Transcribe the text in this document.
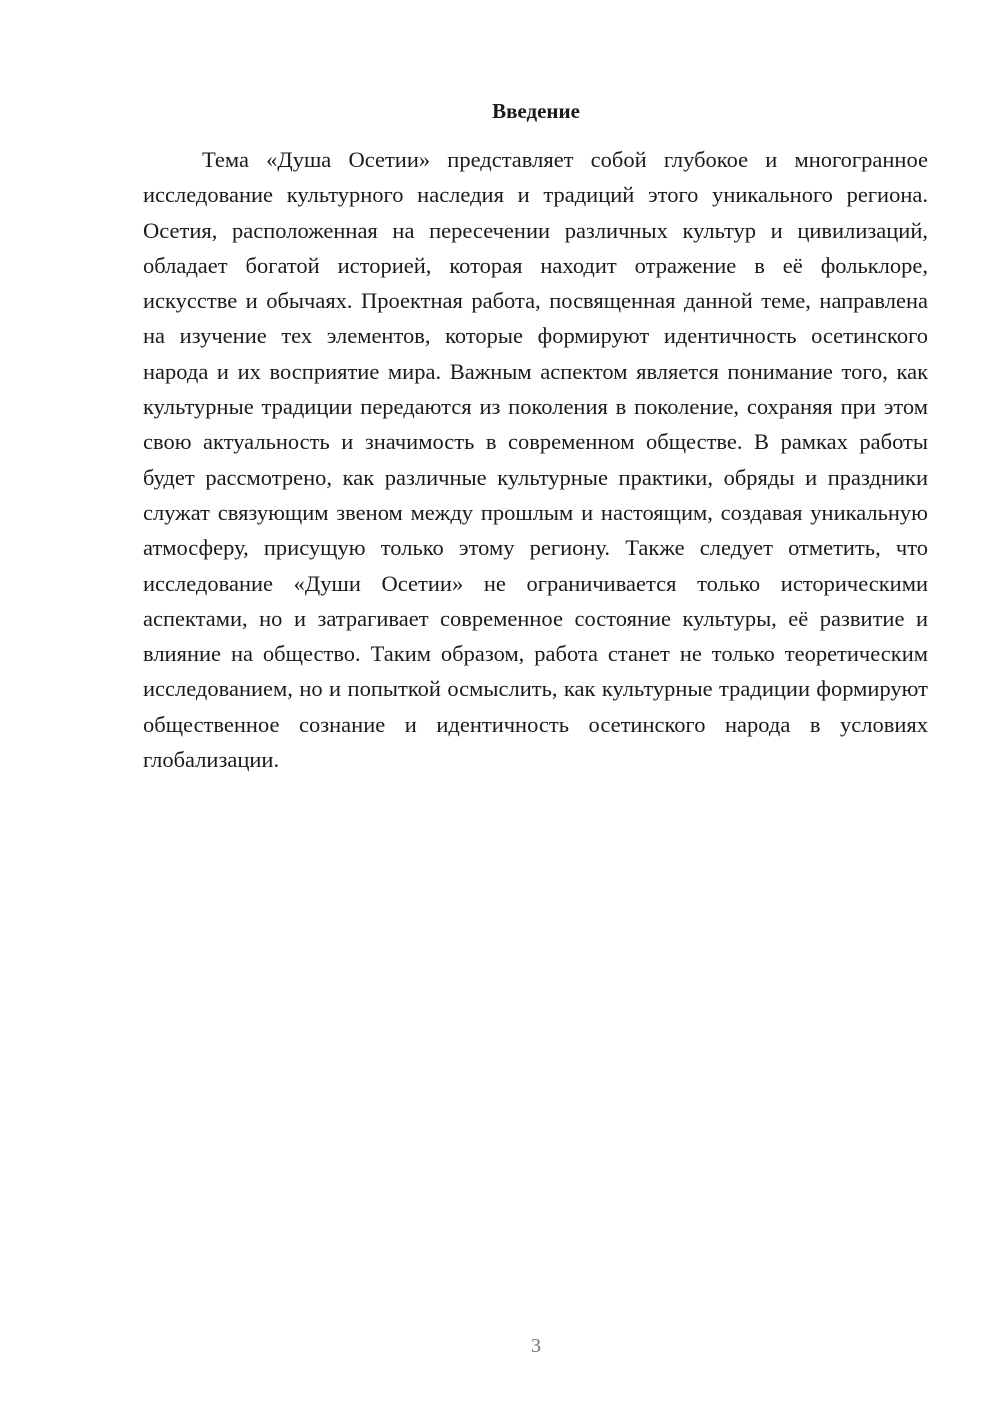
Введение

Тема «Душа Осетии» представляет собой глубокое и многогранное исследование культурного наследия и традиций этого уникального региона. Осетия, расположенная на пересечении различных культур и цивилизаций, обладает богатой историей, которая находит отражение в её фольклоре, искусстве и обычаях. Проектная работа, посвященная данной теме, направлена на изучение тех элементов, которые формируют идентичность осетинского народа и их восприятие мира. Важным аспектом является понимание того, как культурные традиции передаются из поколения в поколение, сохраняя при этом свою актуальность и значимость в современном обществе. В рамках работы будет рассмотрено, как различные культурные практики, обряды и праздники служат связующим звеном между прошлым и настоящим, создавая уникальную атмосферу, присущую только этому региону. Также следует отметить, что исследование «Души Осетии» не ограничивается только историческими аспектами, но и затрагивает современное состояние культуры, её развитие и влияние на общество. Таким образом, работа станет не только теоретическим исследованием, но и попыткой осмыслить, как культурные традиции формируют общественное сознание и идентичность осетинского народа в условиях глобализации.

3
